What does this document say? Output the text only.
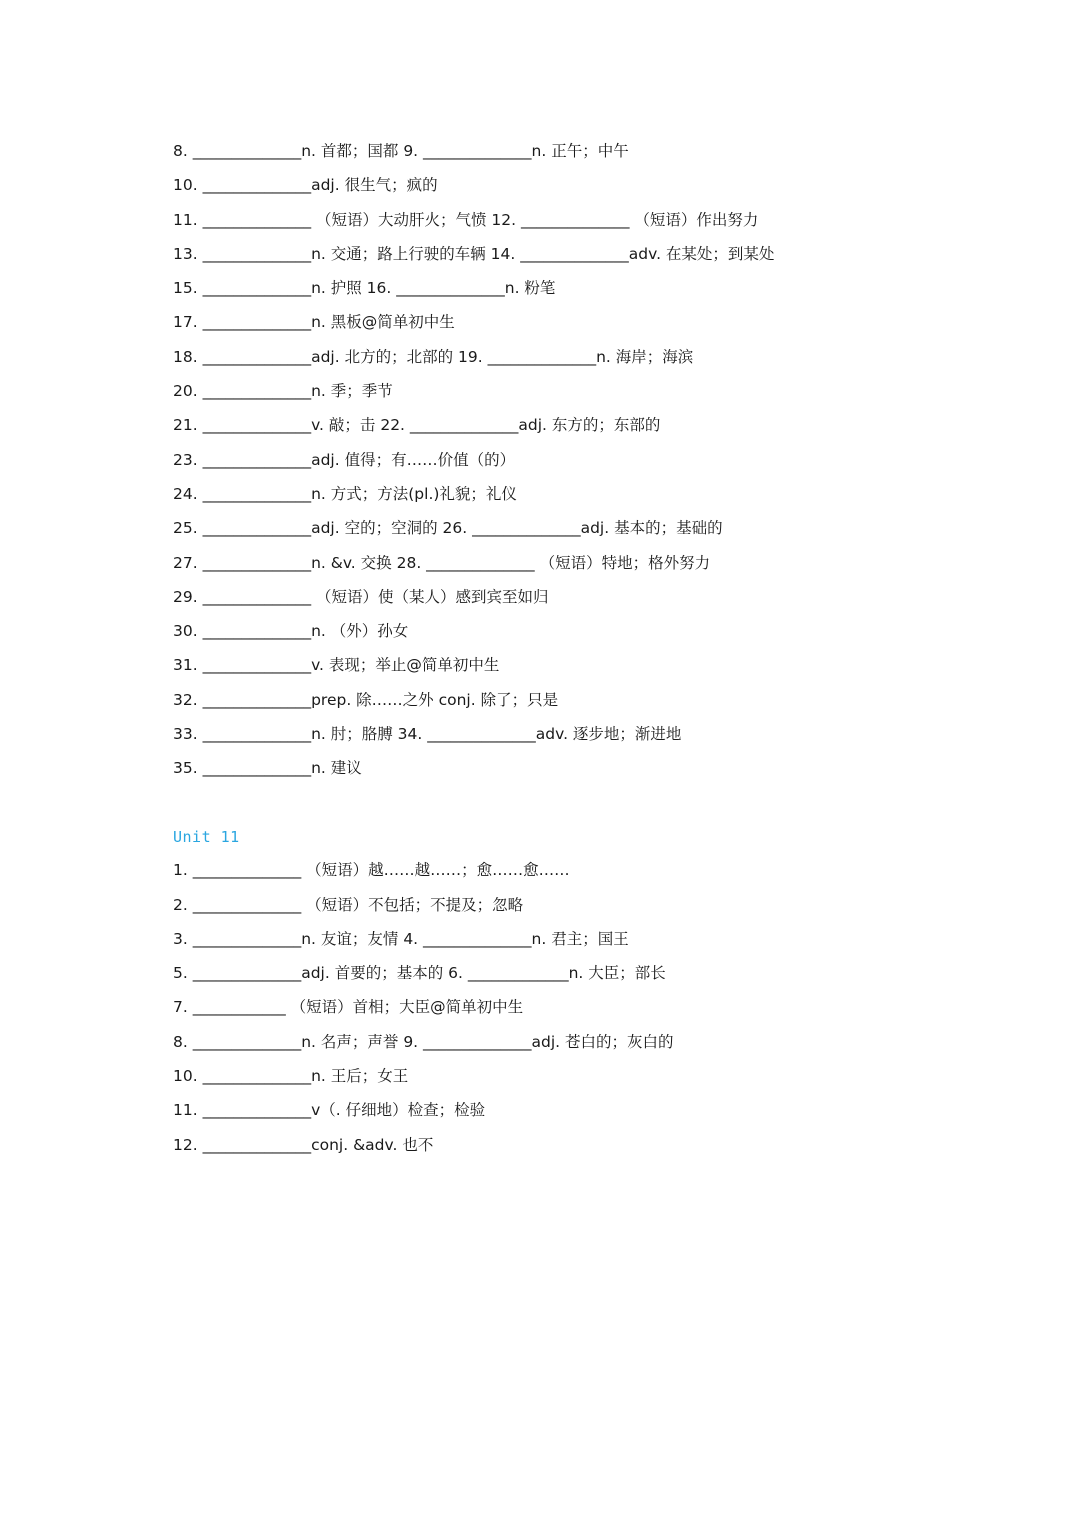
8. ______________n. 首都；国都 9. ______________n. 正午；中午
10. ______________adj. 很生气；疯的
11. ______________ （短语）大动肝火；气愤 12. ______________ （短语）作出努力
13. ______________n. 交通；路上行驶的车辆 14. ______________adv. 在某处；到某处
15. ______________n. 护照 16. ______________n. 粉笔
17. ______________n. 黑板@简单初中生
18. ______________adj. 北方的；北部的 19. ______________n. 海岸；海滨
20. ______________n. 季；季节
21. ______________v. 敲；击 22. ______________adj. 东方的；东部的
23. ______________adj. 值得；有……价值（的）
24. ______________n. 方式；方法(pl.)礼貌；礼仪
25. ______________adj. 空的；空洞的 26. ______________adj. 基本的；基础的
27. ______________n. &v. 交换 28. ______________ （短语）特地；格外努力
29. ______________ （短语）使（某人）感到宾至如归
30. ______________n. （外）孙女
31. ______________v. 表现；举止@简单初中生
32. ______________prep. 除……之外 conj. 除了；只是
33. ______________n. 肘；胳膊 34. ______________adv. 逐步地；渐进地
35. ______________n. 建议
Unit 11
1. ______________ （短语）越……越……；愈……愈……
2. ______________ （短语）不包括；不提及；忽略
3. ______________n. 友谊；友情 4. ______________n. 君主；国王
5. ______________adj. 首要的；基本的 6. _____________n. 大臣；部长
7. ____________ （短语）首相；大臣@简单初中生
8. ______________n. 名声；声誉 9. ______________adj. 苍白的；灰白的
10. ______________n. 王后；女王
11. ______________v（. 仔细地）检查；检验
12. ______________conj. &adv. 也不
